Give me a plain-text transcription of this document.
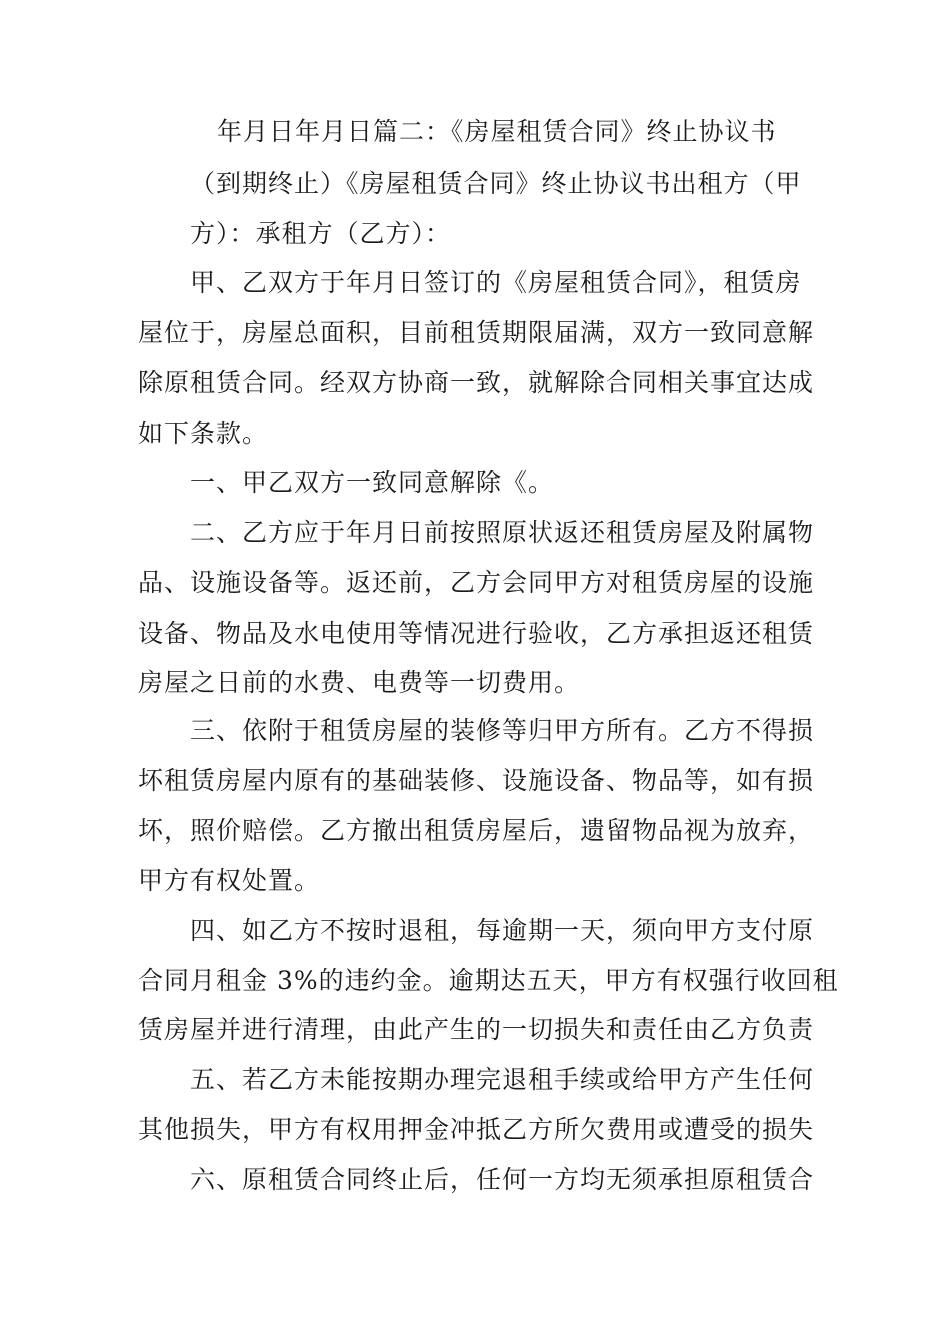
年月日年月日篇二：《房屋租赁合同》终止协议书
（到期终止）《房屋租赁合同》终止协议书出租方（甲
方）：承租方（乙方）：
甲、乙双方于年月日签订的《房屋租赁合同》，租赁房
屋位于，房屋总面积，目前租赁期限届满，双方一致同意解
除原租赁合同。经双方协商一致，就解除合同相关事宜达成
如下条款。
一、甲乙双方一致同意解除《。
二、乙方应于年月日前按照原状返还租赁房屋及附属物
品、设施设备等。返还前，乙方会同甲方对租赁房屋的设施
设备、物品及水电使用等情况进行验收，乙方承担返还租赁
房屋之日前的水费、电费等一切费用。
三、依附于租赁房屋的装修等归甲方所有。乙方不得损
坏租赁房屋内原有的基础装修、设施设备、物品等，如有损
坏，照价赔偿。乙方撤出租赁房屋后，遗留物品视为放弃，
甲方有权处置。
四、如乙方不按时退租，每逾期一天，须向甲方支付原
合同月租金 3%的违约金。逾期达五天，甲方有权强行收回租
赁房屋并进行清理，由此产生的一切损失和责任由乙方负责
五、若乙方未能按期办理完退租手续或给甲方产生任何
其他损失，甲方有权用押金冲抵乙方所欠费用或遭受的损失
六、原租赁合同终止后，任何一方均无须承担原租赁合
